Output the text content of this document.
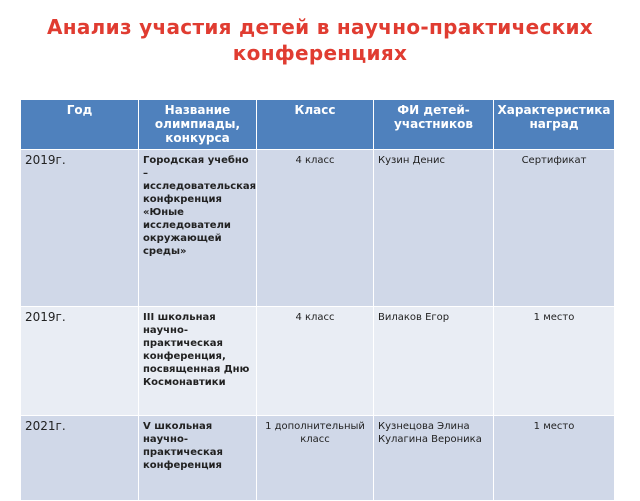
Анализ участия детей в научно-практических конференциях
Год	Название олимпиады, конкурса	Класс	ФИ детей-участников	Характеристика наград
2019г.	Городская учебно – исследовательская конфкренция «Юные исследователи окружающей среды»	4 класс	Кузин Денис	Сертификат
2019г.	III школьная научно-практическая конференция, посвященная Дню Космонавтики	4 класс	Вилаков Егор	1 место
2021г.	V школьная научно-практическая конференция	1 дополнительный класс	Кузнецова Элина Кулагина Вероника	1 место
